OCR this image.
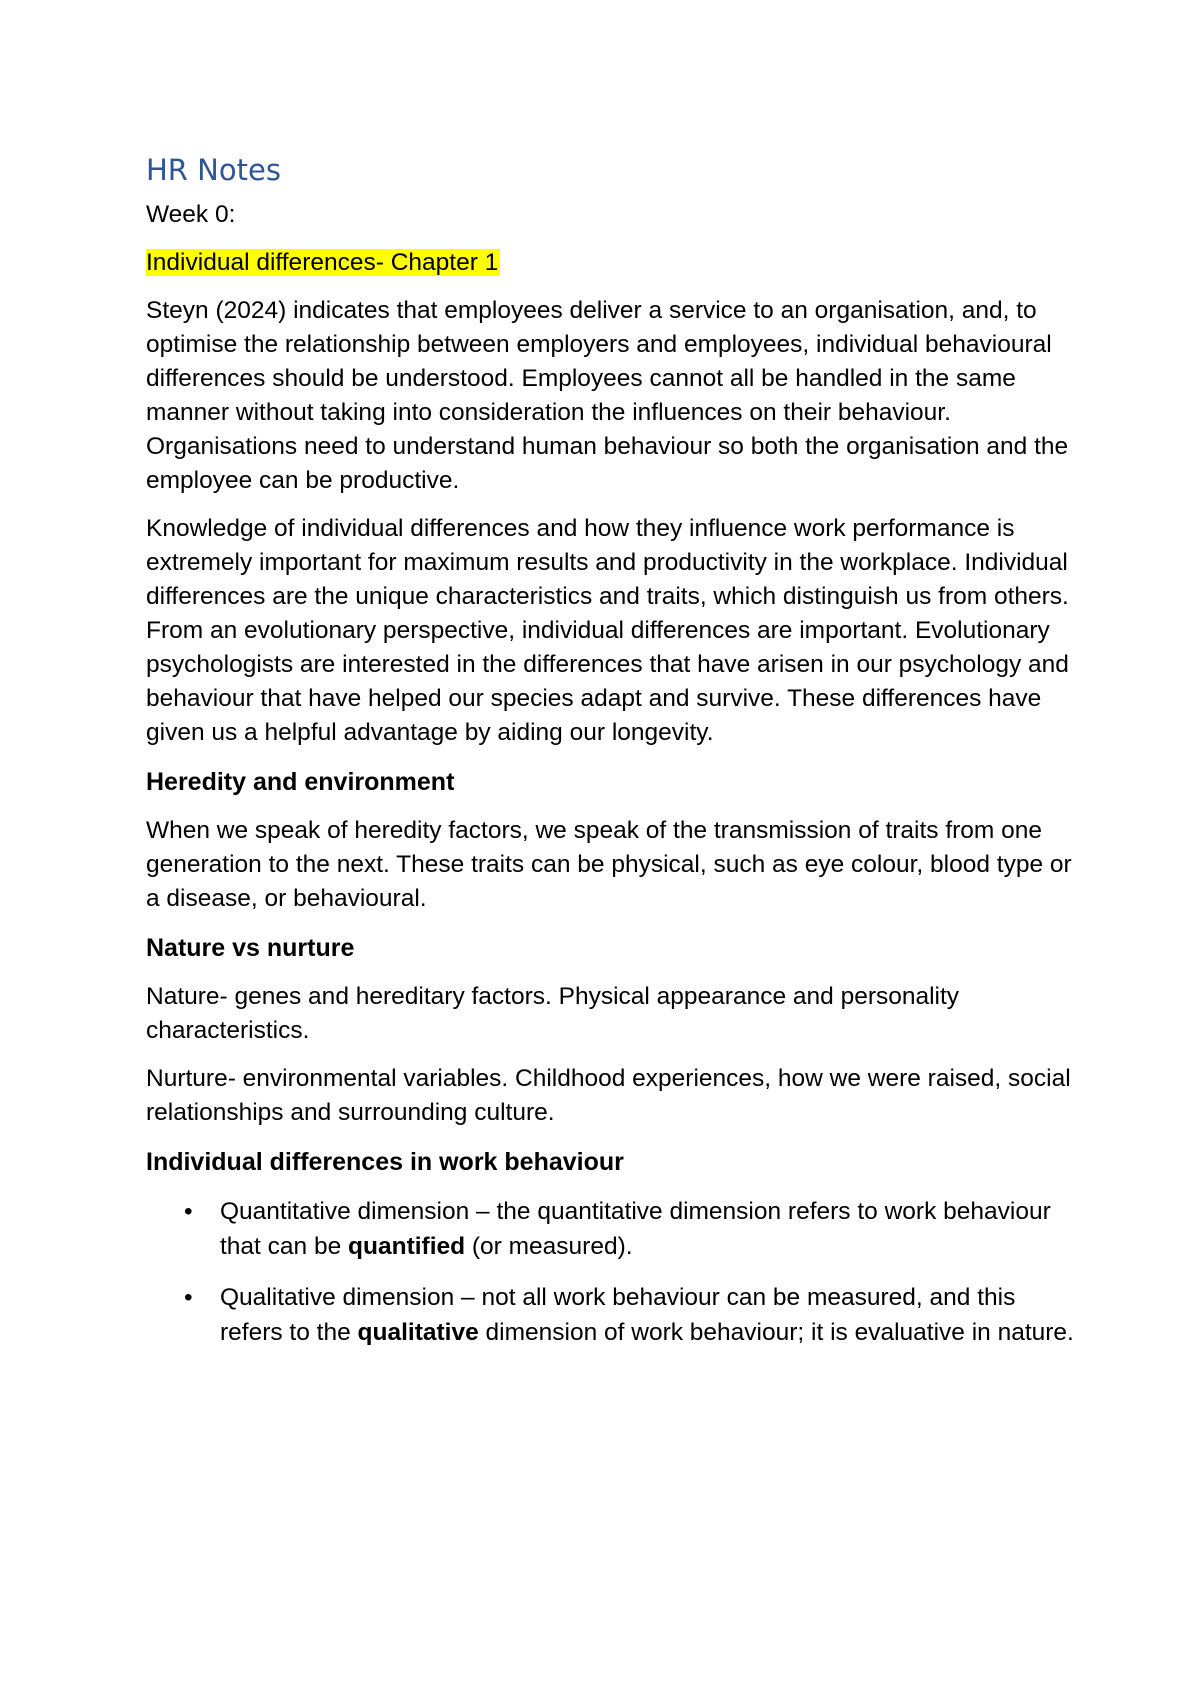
HR Notes
Week 0:
Individual differences- Chapter 1

Steyn (2024) indicates that employees deliver a service to an organisation, and, to optimise the relationship between employers and employees, individual behavioural differences should be understood. Employees cannot all be handled in the same manner without taking into consideration the influences on their behaviour. Organisations need to understand human behaviour so both the organisation and the employee can be productive.

Knowledge of individual differences and how they influence work performance is extremely important for maximum results and productivity in the workplace. Individual differences are the unique characteristics and traits, which distinguish us from others. From an evolutionary perspective, individual differences are important. Evolutionary psychologists are interested in the differences that have arisen in our psychology and behaviour that have helped our species adapt and survive. These differences have given us a helpful advantage by aiding our longevity.

Heredity and environment

When we speak of heredity factors, we speak of the transmission of traits from one generation to the next. These traits can be physical, such as eye colour, blood type or a disease, or behavioural.

Nature vs nurture

Nature- genes and hereditary factors. Physical appearance and personality characteristics.

Nurture- environmental variables. Childhood experiences, how we were raised, social relationships and surrounding culture.

Individual differences in work behaviour
• Quantitative dimension – the quantitative dimension refers to work behaviour that can be quantified (or measured).
• Qualitative dimension – not all work behaviour can be measured, and this refers to the qualitative dimension of work behaviour; it is evaluative in nature.
